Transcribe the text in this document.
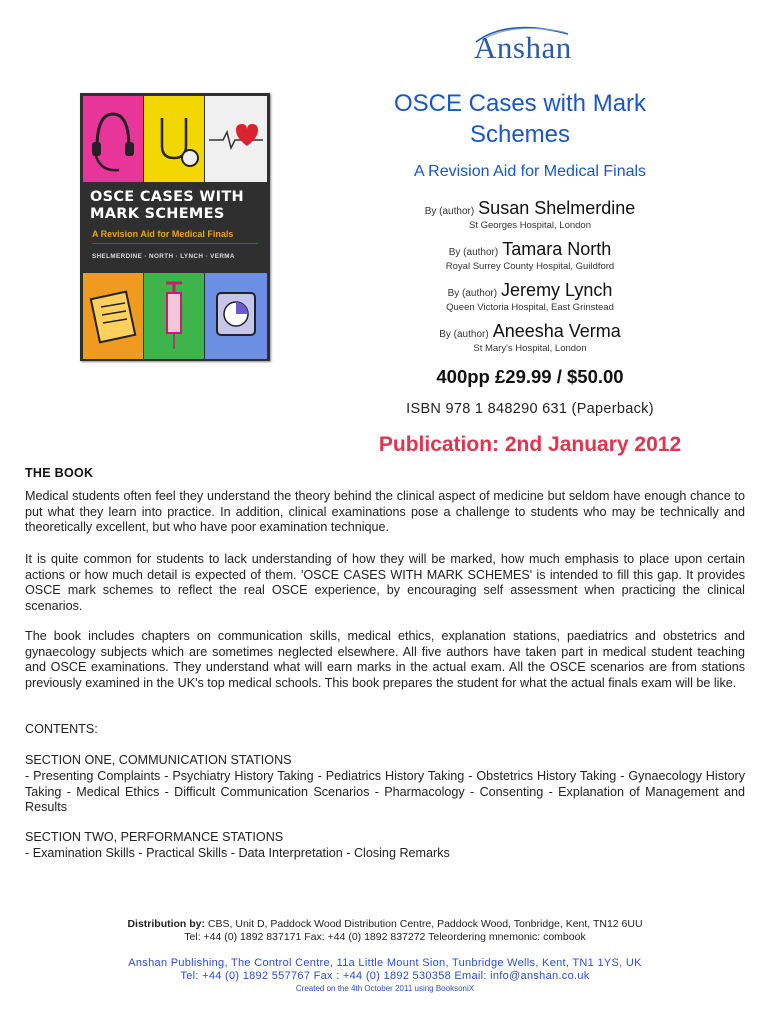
Anshan
OSCE CASES WITH
MARK SCHEMES
A Revision Aid for Medical Finals
SHELMERDINE · NORTH · LYNCH · VERMA
OSCE Cases with Mark
Schemes
A Revision Aid for Medical Finals
By (author) Susan Shelmerdine
St Georges Hospital, London
By (author) Tamara North
Royal Surrey County Hospital, Guildford
By (author) Jeremy Lynch
Queen Victoria Hospital, East Grinstead
By (author) Aneesha Verma
St Mary's Hospital, London
400pp £29.99 / $50.00
ISBN 978 1 848290 631 (Paperback)
Publication: 2nd January 2012
THE BOOK
Medical students often feel they understand the theory behind the clinical aspect of medicine but seldom have enough chance to put what they learn into practice. In addition, clinical examinations pose a challenge to students who may be technically and theoretically excellent, but who have poor examination technique.
It is quite common for students to lack understanding of how they will be marked, how much emphasis to place upon certain actions or how much detail is expected of them. 'OSCE CASES WITH MARK SCHEMES' is intended to fill this gap. It provides OSCE mark schemes to reflect the real OSCE experience, by encouraging self assessment when practicing the clinical scenarios.
The book includes chapters on communication skills, medical ethics, explanation stations, paediatrics and obstetrics and gynaecology subjects which are sometimes neglected elsewhere. All five authors have taken part in medical student teaching and OSCE examinations. They understand what will earn marks in the actual exam. All the OSCE scenarios are from stations previously examined in the UK's top medical schools. This book prepares the student for what the actual finals exam will be like.
CONTENTS:
SECTION ONE, COMMUNICATION STATIONS
- Presenting Complaints - Psychiatry History Taking - Pediatrics History Taking - Obstetrics History Taking - Gynaecology History Taking - Medical Ethics - Difficult Communication Scenarios - Pharmacology - Consenting - Explanation of Management and Results
SECTION TWO, PERFORMANCE STATIONS
- Examination Skills - Practical Skills - Data Interpretation - Closing Remarks
Distribution by: CBS, Unit D, Paddock Wood Distribution Centre, Paddock Wood, Tonbridge, Kent, TN12 6UU
Tel: +44 (0) 1892 837171 Fax: +44 (0) 1892 837272 Teleordering mnemonic: combook
Anshan Publishing, The Control Centre, 11a Little Mount Sion, Tunbridge Wells, Kent, TN1 1YS, UK
Tel: +44 (0) 1892 557767 Fax : +44 (0) 1892 530358 Email: info@anshan.co.uk
Created on the 4th October 2011 using BooksoniX
